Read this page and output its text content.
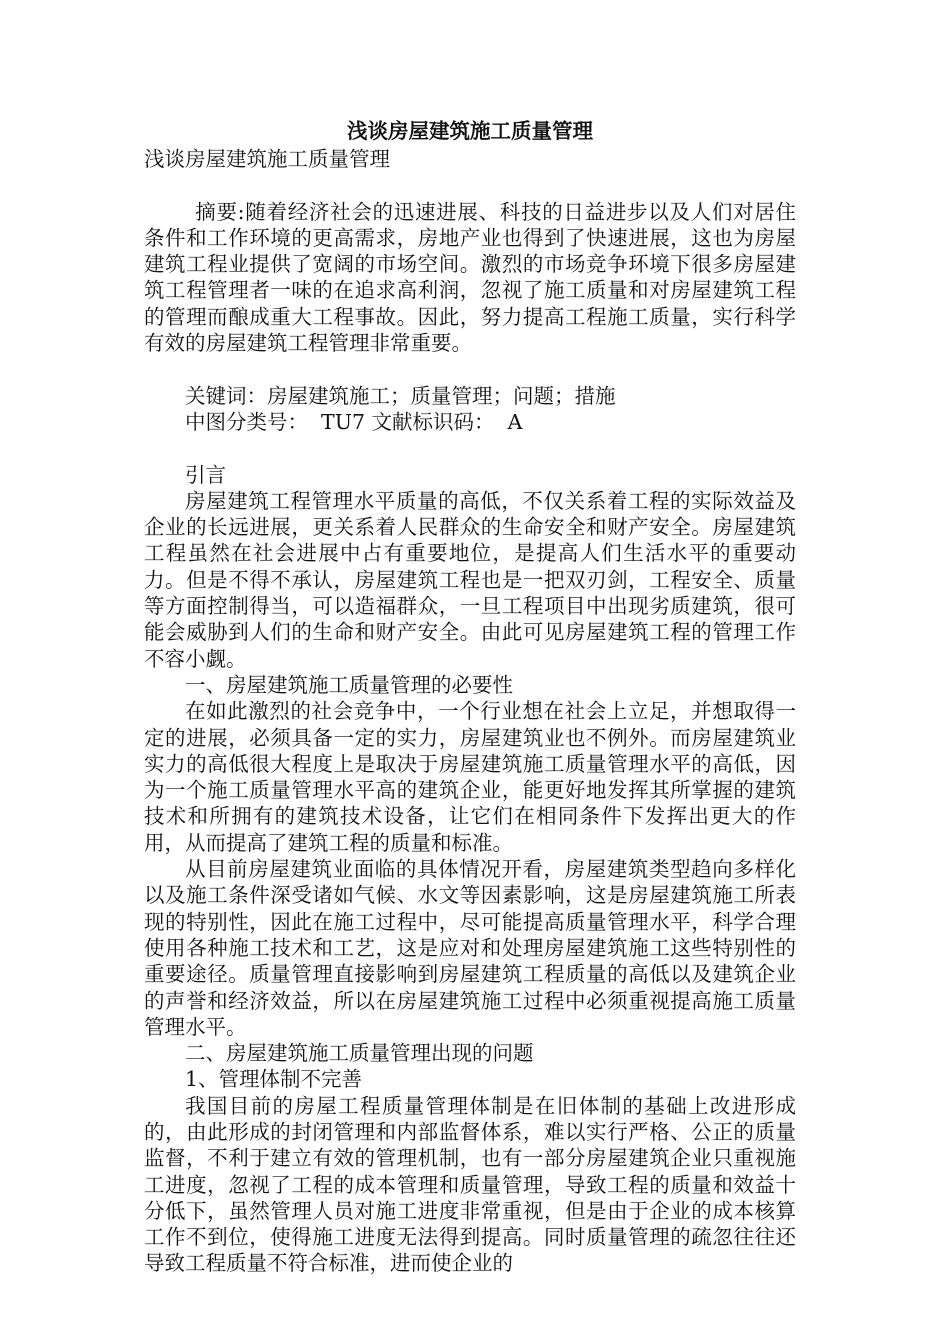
浅谈房屋建筑施工质量管理

浅谈房屋建筑施工质量管理

摘要:随着经济社会的迅速进展、科技的日益进步以及人们对居住条件和工作环境的更高需求，房地产业也得到了快速进展，这也为房屋建筑工程业提供了宽阔的市场空间。激烈的市场竞争环境下很多房屋建筑工程管理者一味的在追求高利润，忽视了施工质量和对房屋建筑工程的管理而酿成重大工程事故。因此，努力提高工程施工质量，实行科学有效的房屋建筑工程管理非常重要。

关键词：房屋建筑施工；质量管理；问题；措施

中图分类号：  TU7 文献标识码：  A

引言

房屋建筑工程管理水平质量的高低，不仅关系着工程的实际效益及企业的长远进展，更关系着人民群众的生命安全和财产安全。房屋建筑工程虽然在社会进展中占有重要地位，是提高人们生活水平的重要动力。但是不得不承认，房屋建筑工程也是一把双刃剑，工程安全、质量等方面控制得当，可以造福群众，一旦工程项目中出现劣质建筑，很可能会威胁到人们的生命和财产安全。由此可见房屋建筑工程的管理工作不容小觑。

一、房屋建筑施工质量管理的必要性

在如此激烈的社会竞争中，一个行业想在社会上立足，并想取得一定的进展，必须具备一定的实力，房屋建筑业也不例外。而房屋建筑业实力的高低很大程度上是取决于房屋建筑施工质量管理水平的高低，因为一个施工质量管理水平高的建筑企业，能更好地发挥其所掌握的建筑技术和所拥有的建筑技术设备，让它们在相同条件下发挥出更大的作用，从而提高了建筑工程的质量和标准。

从目前房屋建筑业面临的具体情况开看，房屋建筑类型趋向多样化以及施工条件深受诸如气候、水文等因素影响，这是房屋建筑施工所表现的特别性，因此在施工过程中，尽可能提高质量管理水平，科学合理使用各种施工技术和工艺，这是应对和处理房屋建筑施工这些特别性的重要途径。质量管理直接影响到房屋建筑工程质量的高低以及建筑企业的声誉和经济效益，所以在房屋建筑施工过程中必须重视提高施工质量管理水平。

二、房屋建筑施工质量管理出现的问题

1、管理体制不完善

我国目前的房屋工程质量管理体制是在旧体制的基础上改进形成的，由此形成的封闭管理和内部监督体系，难以实行严格、公正的质量监督，不利于建立有效的管理机制，也有一部分房屋建筑企业只重视施工进度，忽视了工程的成本管理和质量管理，导致工程的质量和效益十分低下，虽然管理人员对施工进度非常重视，但是由于企业的成本核算工作不到位，使得施工进度无法得到提高。同时质量管理的疏忽往往还导致工程质量不符合标准，进而使企业的
